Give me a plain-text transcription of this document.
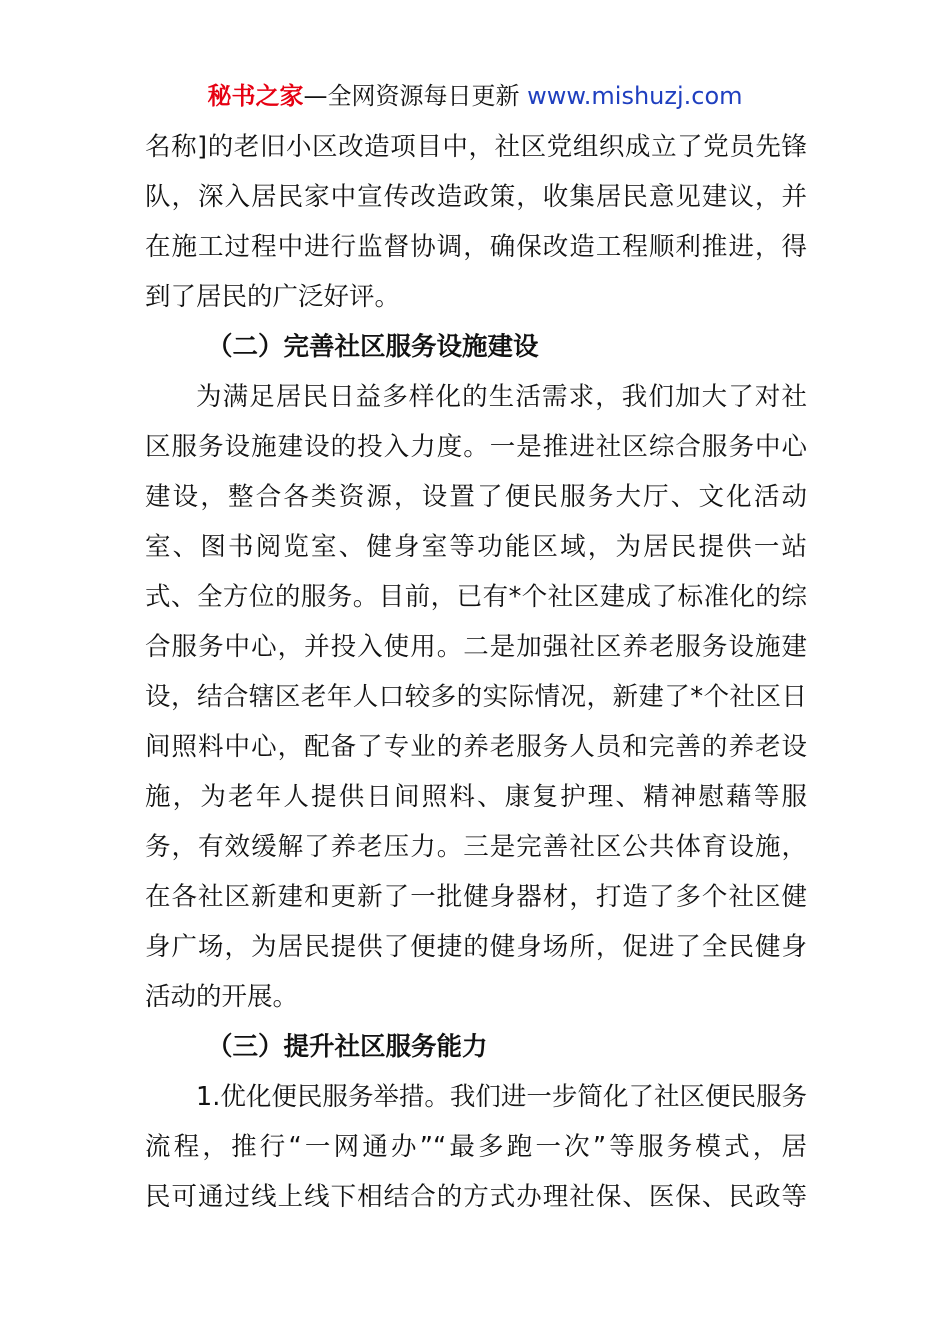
秘书之家—全网资源每日更新 www.mishuzj.com
名称]的老旧小区改造项目中，社区党组织成立了党员先锋
队，深入居民家中宣传改造政策，收集居民意见建议，并
在施工过程中进行监督协调，确保改造工程顺利推进，得
到了居民的广泛好评。
（二）完善社区服务设施建设
为满足居民日益多样化的生活需求，我们加大了对社
区服务设施建设的投入力度。一是推进社区综合服务中心
建设，整合各类资源，设置了便民服务大厅、文化活动
室、图书阅览室、健身室等功能区域，为居民提供一站
式、全方位的服务。目前，已有*个社区建成了标准化的综
合服务中心，并投入使用。二是加强社区养老服务设施建
设，结合辖区老年人口较多的实际情况，新建了*个社区日
间照料中心，配备了专业的养老服务人员和完善的养老设
施，为老年人提供日间照料、康复护理、精神慰藉等服
务，有效缓解了养老压力。三是完善社区公共体育设施，
在各社区新建和更新了一批健身器材，打造了多个社区健
身广场，为居民提供了便捷的健身场所，促进了全民健身
活动的开展。
（三）提升社区服务能力
1.优化便民服务举措。我们进一步简化了社区便民服务
流程，推行“一网通办”“最多跑一次”等服务模式，居
民可通过线上线下相结合的方式办理社保、医保、民政等
